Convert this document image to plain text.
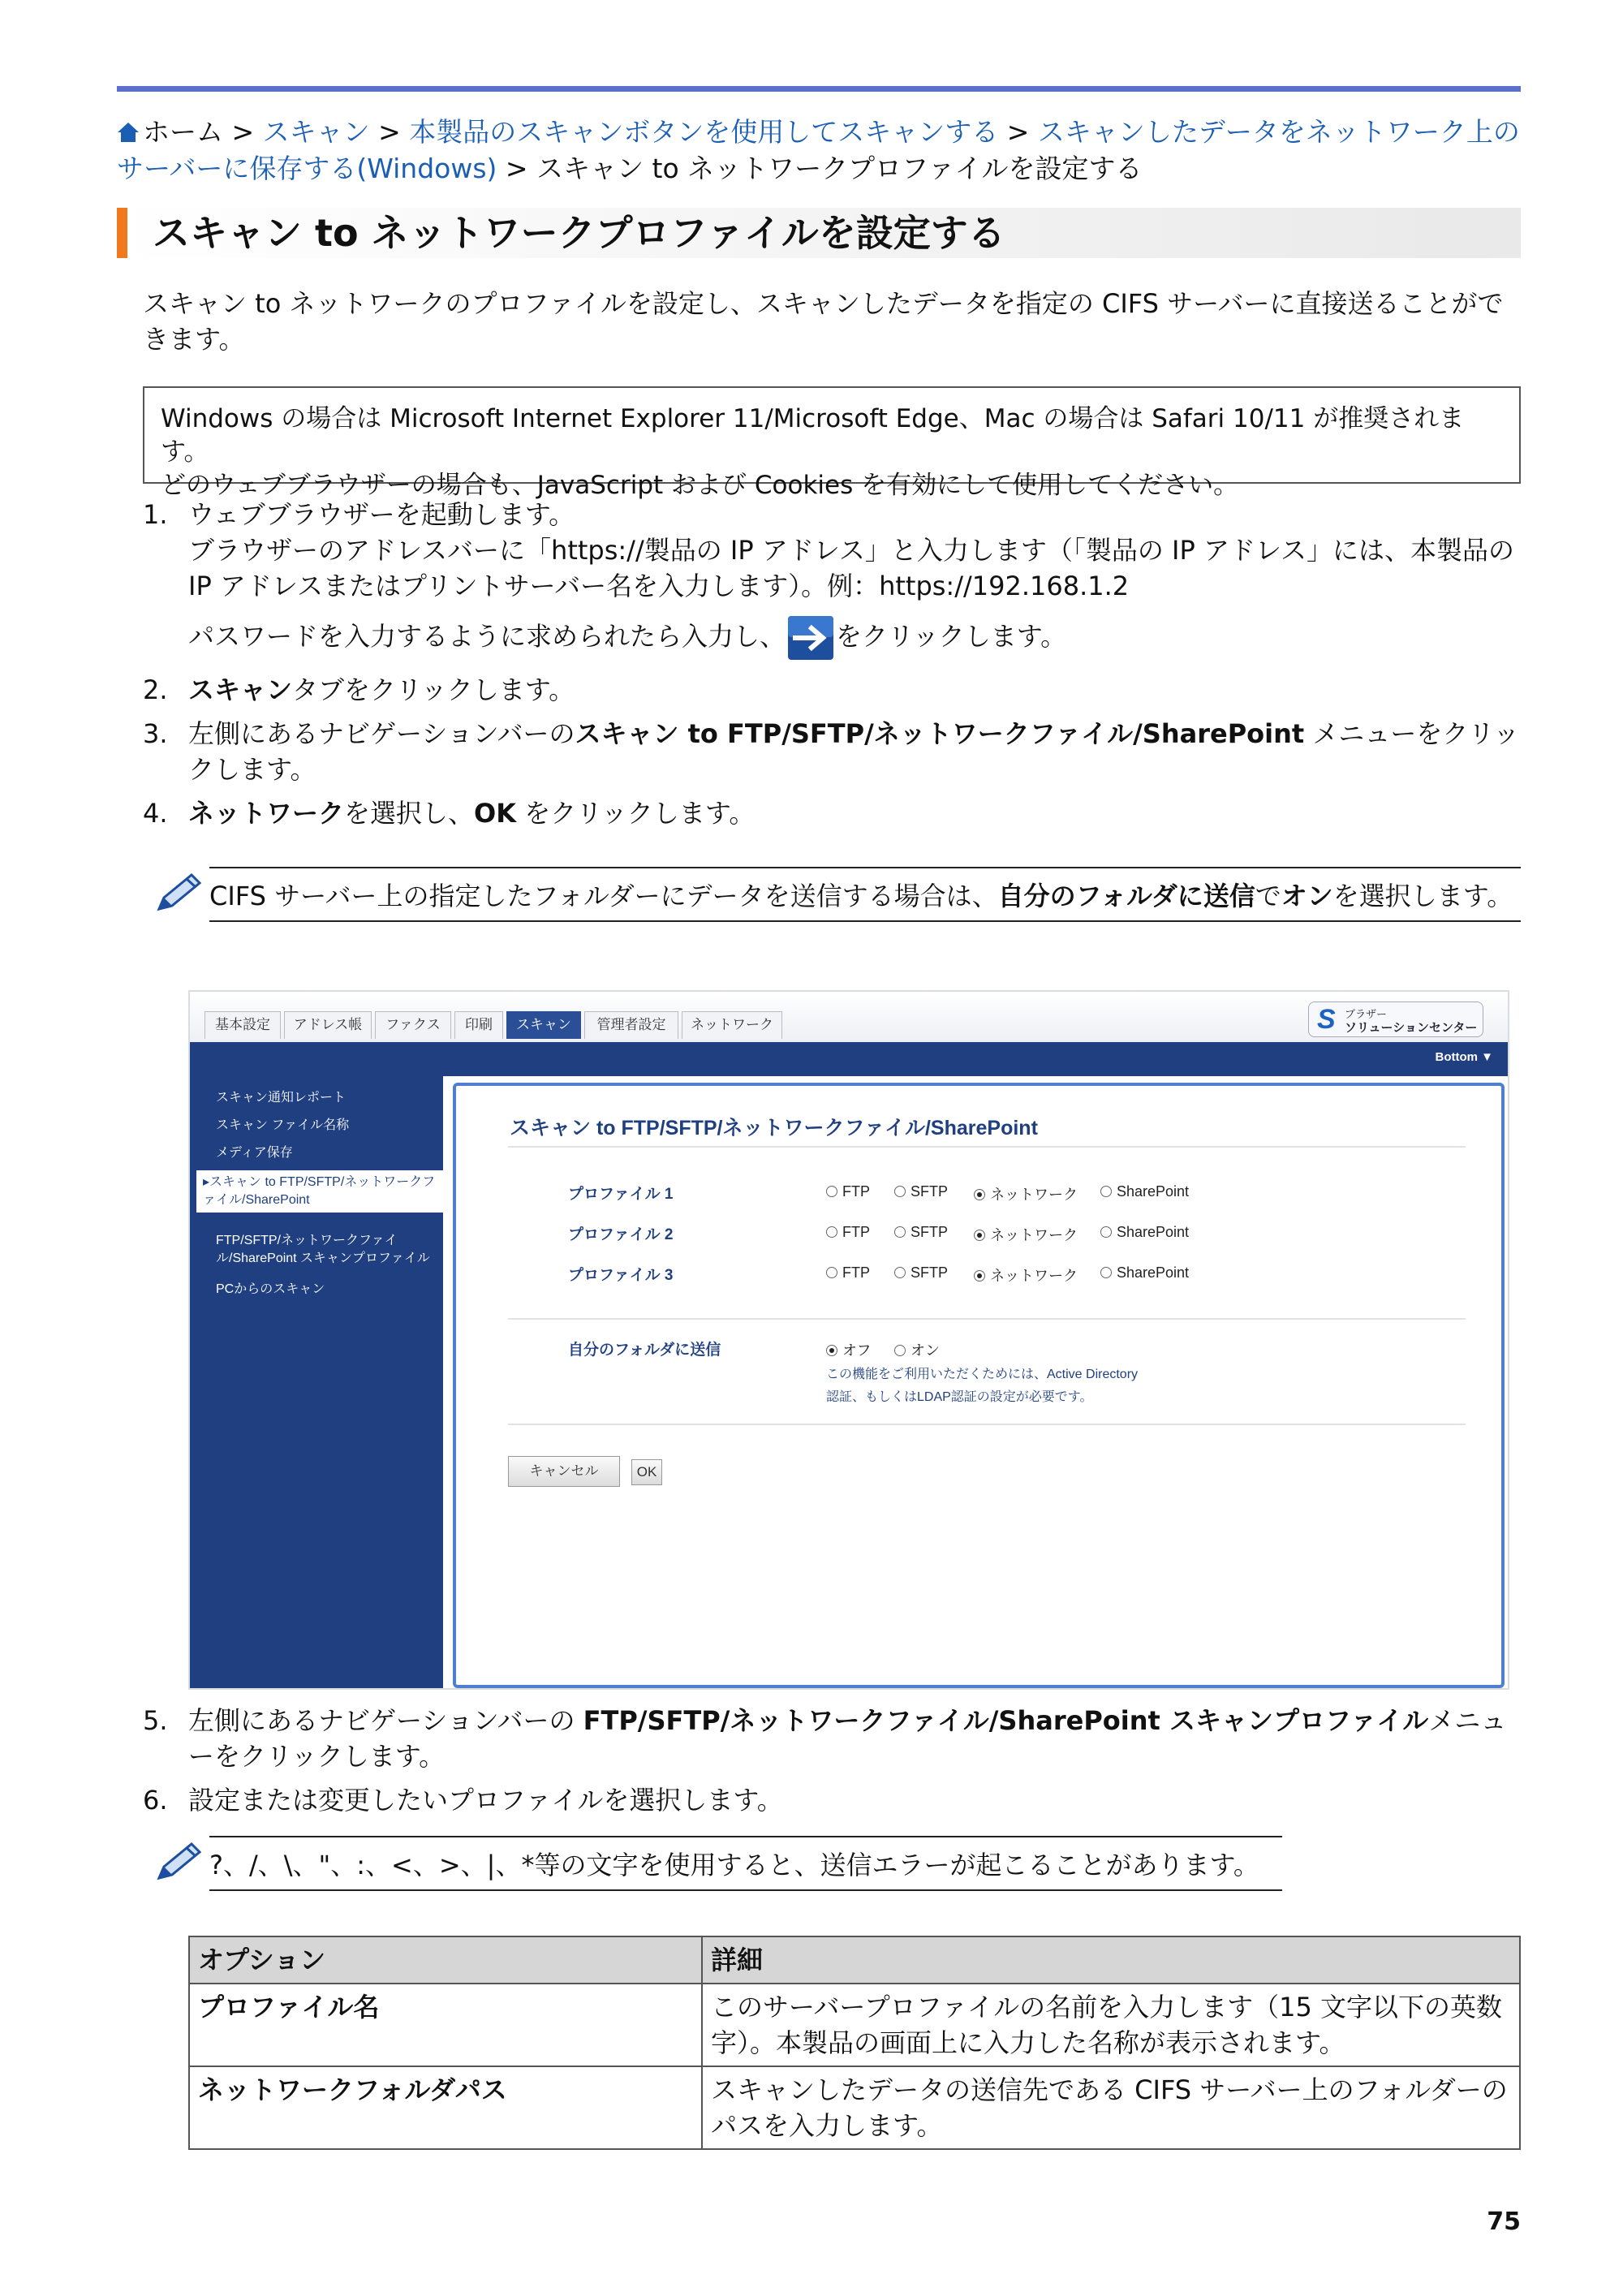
ホーム > スキャン > 本製品のスキャンボタンを使用してスキャンする > スキャンしたデータをネットワーク上のサーバーに保存する(Windows) > スキャン to ネットワークプロファイルを設定する
スキャン to ネットワークプロファイルを設定する

スキャン to ネットワークのプロファイルを設定し、スキャンしたデータを指定の CIFS サーバーに直接送ることができます。

Windows の場合は Microsoft Internet Explorer 11/Microsoft Edge、Mac の場合は Safari 10/11 が推奨されます。
どのウェブブラウザーの場合も、JavaScript および Cookies を有効にして使用してください。
1. ウェブブラウザーを起動します。

ブラウザーのアドレスバーに「https://製品の IP アドレス」と入力します（「製品の IP アドレス」には、本製品の IP アドレスまたはプリントサーバー名を入力します）。例：https://192.168.1.2

パスワードを入力するように求められたら入力し、 をクリックします。

2. スキャンタブをクリックします。

3. 左側にあるナビゲーションバーのスキャン to FTP/SFTP/ネットワークファイル/SharePoint メニューをクリックします。

4. ネットワークを選択し、OK をクリックします。

CIFS サーバー上の指定したフォルダーにデータを送信する場合は、自分のフォルダに送信でオンを選択します。
基本設定	アドレス帳	ファクス	印刷	スキャン	管理者設定	ネットワーク	S ブラザー
ソリューションセンター
Bottom ▼
スキャン通知レポート
スキャン ファイル名称
メディア保存
▸スキャン to FTP/SFTP/ネットワークファイル/SharePoint
FTP/SFTP/ネットワークファイル/SharePoint スキャンプロファイル
PCからのスキャン
スキャン to FTP/SFTP/ネットワークファイル/SharePoint
プロファイル 1	FTP	SFTP	ネットワーク	SharePoint
プロファイル 2	FTP	SFTP	ネットワーク	SharePoint
プロファイル 3	FTP	SFTP	ネットワーク	SharePoint
自分のフォルダに送信	オフ	オン
この機能をご利用いただくためには、Active Directory
認証、もしくはLDAP認証の設定が必要です。
キャンセル	OK
5. 左側にあるナビゲーションバーの FTP/SFTP/ネットワークファイル/SharePoint スキャンプロファイルメニューをクリックします。

6. 設定または変更したいプロファイルを選択します。

?、/、\、"、:、<、>、|、*等の文字を使用すると、送信エラーが起こることがあります。
オプション	詳細
プロファイル名	このサーバープロファイルの名前を入力します（15 文字以下の英数字）。本製品の画面上に入力した名称が表示されます。
ネットワークフォルダパス	スキャンしたデータの送信先である CIFS サーバー上のフォルダーのパスを入力します。
75
